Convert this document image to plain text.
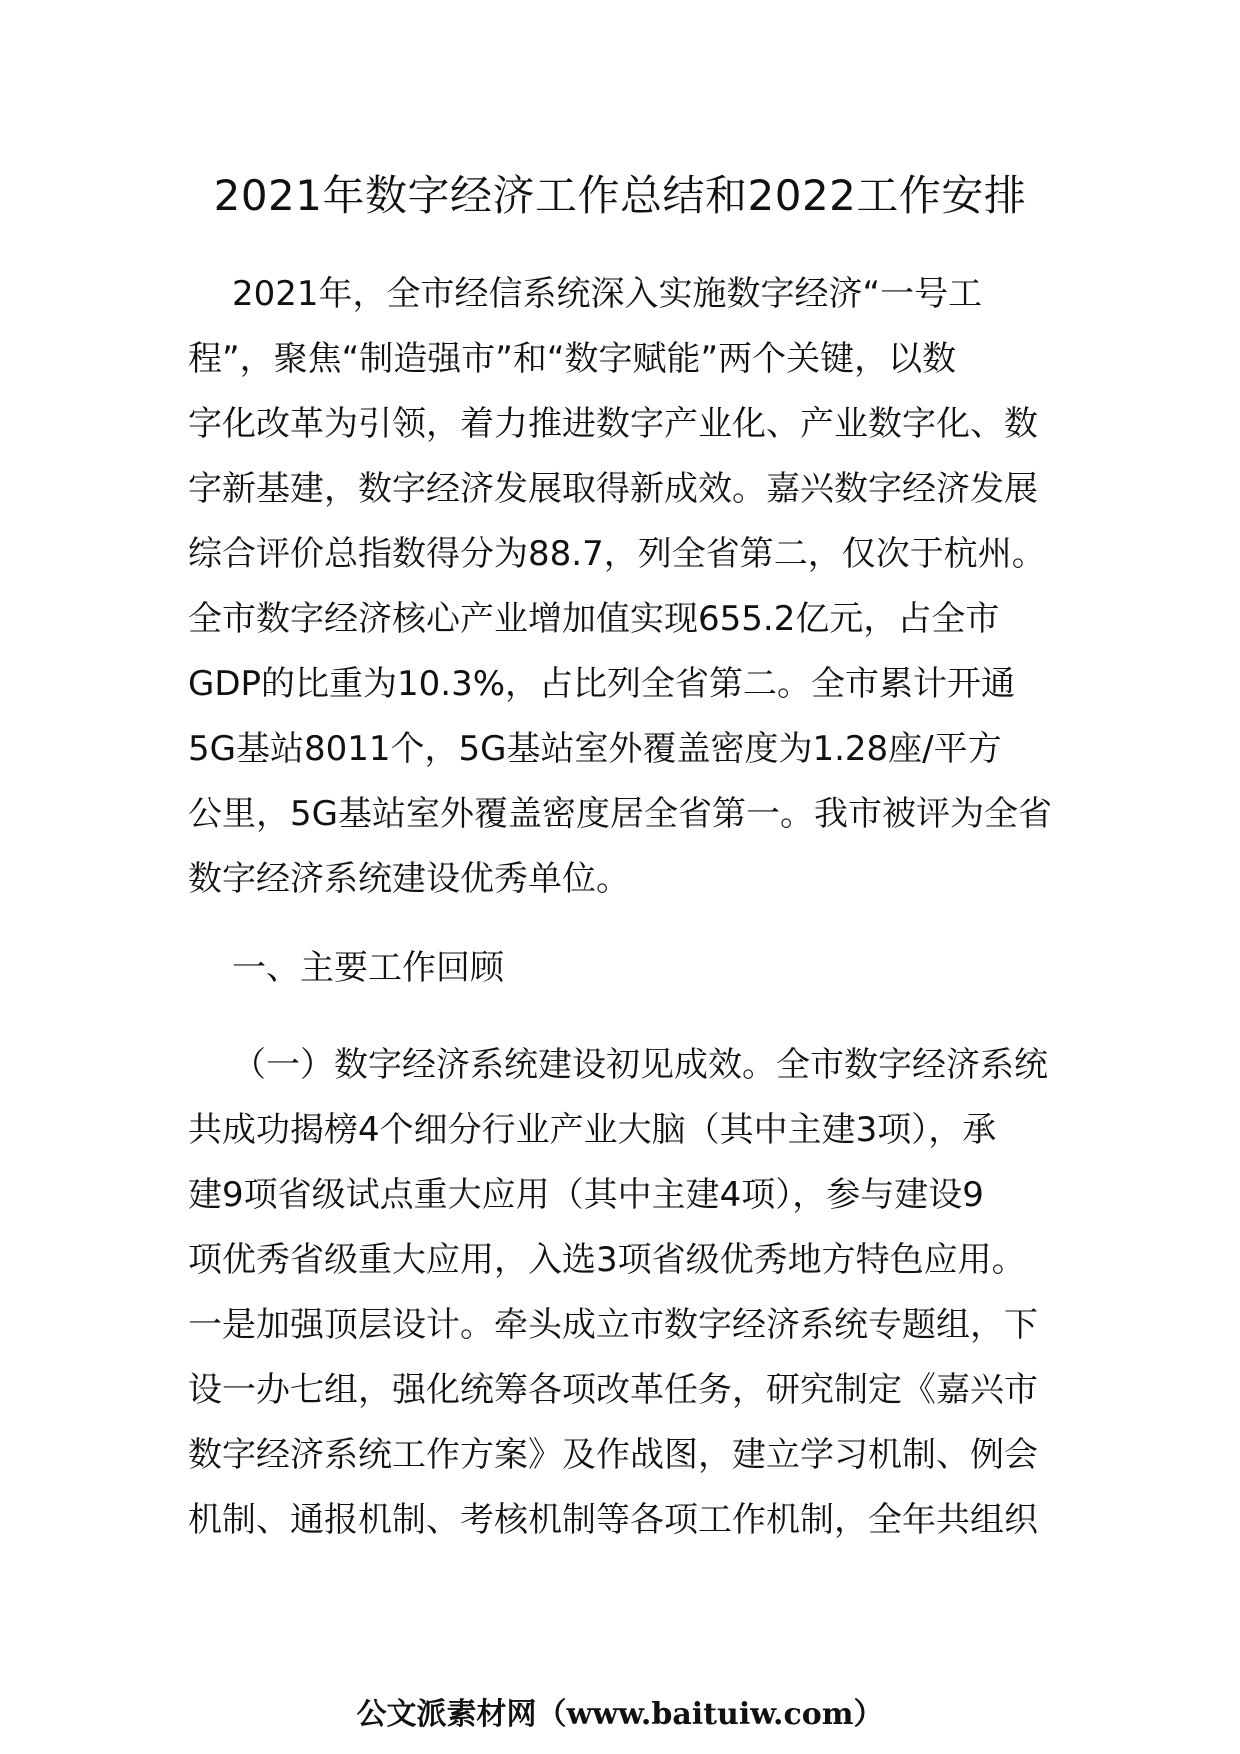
2021年数字经济工作总结和2022工作安排
2021年，全市经信系统深入实施数字经济“一号工
程”，聚焦“制造强市”和“数字赋能”两个关键，以数
字化改革为引领，着力推进数字产业化、产业数字化、数
字新基建，数字经济发展取得新成效。嘉兴数字经济发展
综合评价总指数得分为88.7，列全省第二，仅次于杭州。
全市数字经济核心产业增加值实现655.2亿元，占全市
GDP的比重为10.3%，占比列全省第二。全市累计开通
5G基站8011个，5G基站室外覆盖密度为1.28座/平方
公里，5G基站室外覆盖密度居全省第一。我市被评为全省
数字经济系统建设优秀单位。
一、主要工作回顾
（一）数字经济系统建设初见成效。全市数字经济系统
共成功揭榜4个细分行业产业大脑（其中主建3项），承
建9项省级试点重大应用（其中主建4项），参与建设9
项优秀省级重大应用，入选3项省级优秀地方特色应用。
一是加强顶层设计。牵头成立市数字经济系统专题组，下
设一办七组，强化统筹各项改革任务，研究制定《嘉兴市
数字经济系统工作方案》及作战图，建立学习机制、例会
机制、通报机制、考核机制等各项工作机制，全年共组织
公文派素材网（www.baituiw.com）
